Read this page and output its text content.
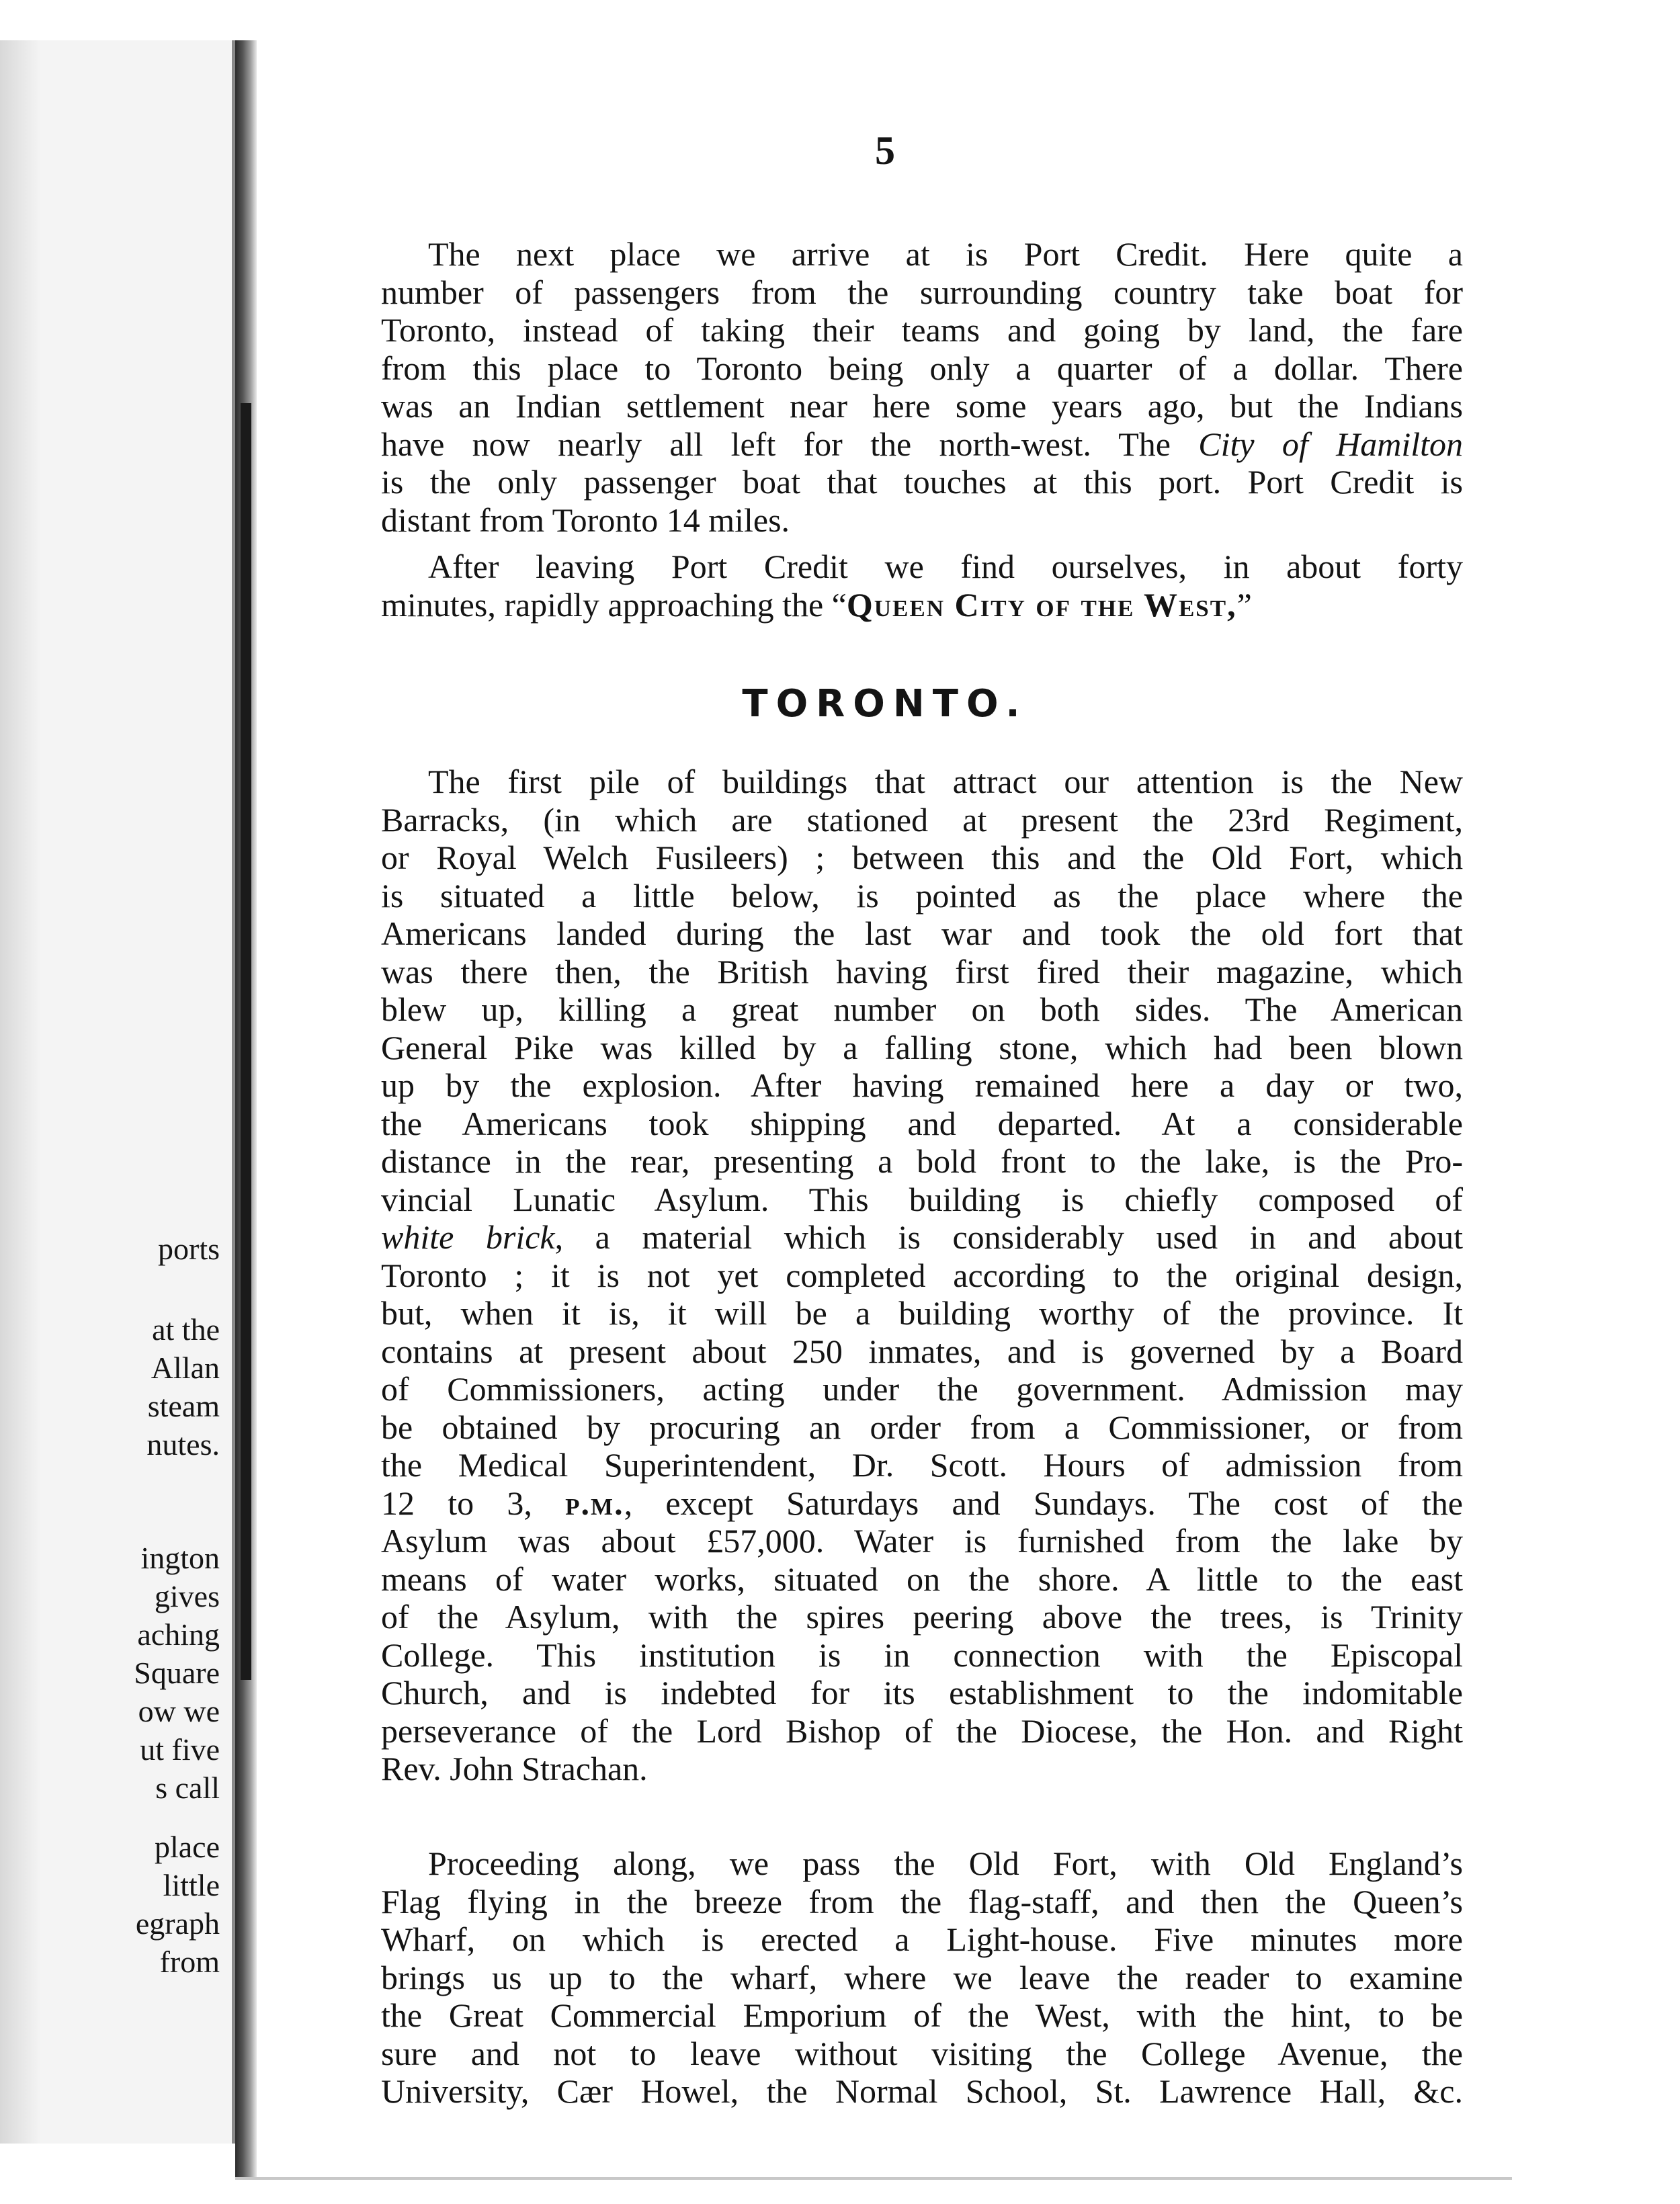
ports
at the
Allan
steam
nutes.
ington
gives
aching
Square
ow we
ut five
s call
place
little
egraph
from
5
The next place we arrive at is Port Credit. Here quite a
number of passengers from the surrounding country take boat for
Toronto, instead of taking their teams and going by land, the fare
from this place to Toronto being only a quarter of a dollar. There
was an Indian settlement near here some years ago, but the Indians
have now nearly all left for the north-west. The City of Hamilton
is the only passenger boat that touches at this port. Port Credit is
distant from Toronto 14 miles.
After leaving Port Credit we find ourselves, in about forty
minutes, rapidly approaching the “Queen City of the West,”
TORONTO.
The first pile of buildings that attract our attention is the New
Barracks, (in which are stationed at present the 23rd Regiment,
or Royal Welch Fusileers) ; between this and the Old Fort, which
is situated a little below, is pointed as the place where the
Americans landed during the last war and took the old fort that
was there then, the British having first fired their magazine, which
blew up, killing a great number on both sides. The American
General Pike was killed by a falling stone, which had been blown
up by the explosion. After having remained here a day or two,
the Americans took shipping and departed. At a considerable
distance in the rear, presenting a bold front to the lake, is the Pro-
vincial Lunatic Asylum. This building is chiefly composed of
white brick, a material which is considerably used in and about
Toronto ; it is not yet completed according to the original design,
but, when it is, it will be a building worthy of the province. It
contains at present about 250 inmates, and is governed by a Board
of Commissioners, acting under the government. Admission may
be obtained by procuring an order from a Commissioner, or from
the Medical Superintendent, Dr. Scott. Hours of admission from
12 to 3, p.m., except Saturdays and Sundays. The cost of the
Asylum was about £57,000. Water is furnished from the lake by
means of water works, situated on the shore. A little to the east
of the Asylum, with the spires peering above the trees, is Trinity
College. This institution is in connection with the Episcopal
Church, and is indebted for its establishment to the indomitable
perseverance of the Lord Bishop of the Diocese, the Hon. and Right
Rev. John Strachan.
Proceeding along, we pass the Old Fort, with Old England’s
Flag flying in the breeze from the flag-staff, and then the Queen’s
Wharf, on which is erected a Light-house. Five minutes more
brings us up to the wharf, where we leave the reader to examine
the Great Commercial Emporium of the West, with the hint, to be
sure and not to leave without visiting the College Avenue, the
University, Cær Howel, the Normal School, St. Lawrence Hall, &c.
